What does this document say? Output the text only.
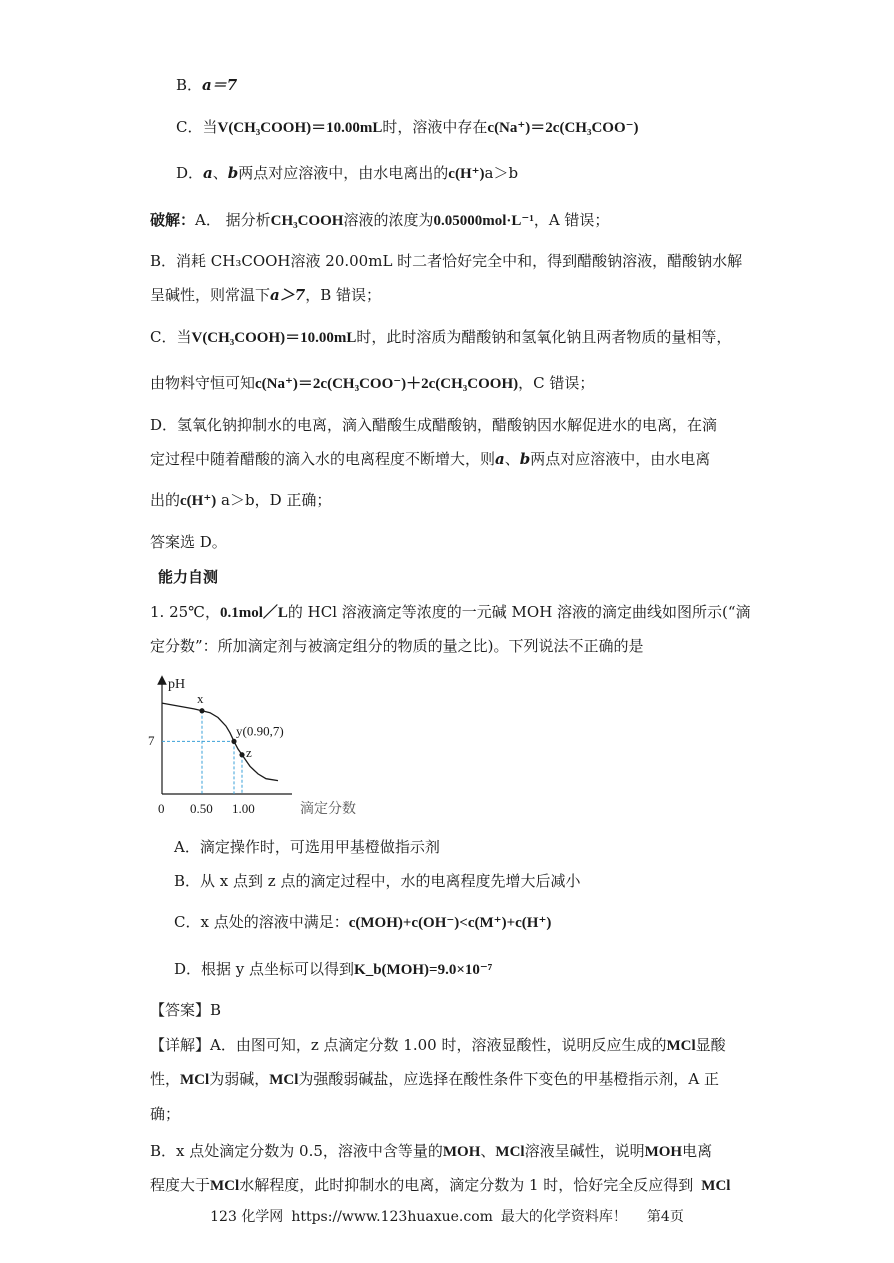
B．a＝7
C．当V(CH₃COOH)＝10.00mL时，溶液中存在c(Na⁺)＝2c(CH₃COO⁻)
D．a、b两点对应溶液中，由水电离出的c(H⁺)a＞b
破解：A． 据分析CH₃COOH溶液的浓度为0.05000mol·L⁻¹，A 错误；
B．消耗 CH₃COOH溶液 20.00mL 时二者恰好完全中和，得到醋酸钠溶液，醋酸钠水解
呈碱性，则常温下a＞7，B 错误；
C．当V(CH₃COOH)＝10.00mL时，此时溶质为醋酸钠和氢氧化钠且两者物质的量相等，
由物料守恒可知c(Na⁺)＝2c(CH₃COO⁻)＋2c(CH₃COOH)，C 错误；
D．氢氧化钠抑制水的电离，滴入醋酸生成醋酸钠，醋酸钠因水解促进水的电离，在滴
定过程中随着醋酸的滴入水的电离程度不断增大，则a、b两点对应溶液中，由水电离
出的c(H⁺) a＞b，D 正确；
答案选 D。
能力自测
1. 25℃，0.1mol／L的 HCl 溶液滴定等浓度的一元碱 MOH 溶液的滴定曲线如图所示(“滴
定分数”：所加滴定剂与被滴定组分的物质的量之比)。下列说法不正确的是
pH
滴定分数
0 0.50 1.00
7
x
y(0.90,7)
z
A．滴定操作时，可选用甲基橙做指示剂
B．从 x 点到 z 点的滴定过程中，水的电离程度先增大后减小
C．x 点处的溶液中满足：c(MOH)+c(OH⁻)<c(M⁺)+c(H⁺)
D．根据 y 点坐标可以得到K_b(MOH)=9.0×10⁻⁷
【答案】B
【详解】A．由图可知，z 点滴定分数 1.00 时，溶液显酸性，说明反应生成的MCl显酸
性，MCl为弱碱，MCl为强酸弱碱盐，应选择在酸性条件下变色的甲基橙指示剂，A 正
确；
B．x 点处滴定分数为 0.5，溶液中含等量的MOH、MCl溶液呈碱性，说明MOH电离
程度大于MCl水解程度，此时抑制水的电离，滴定分数为 1 时，恰好完全反应得到 MCl
123 化学网 https://www.123huaxue.com 最大的化学资料库！ 第4页
